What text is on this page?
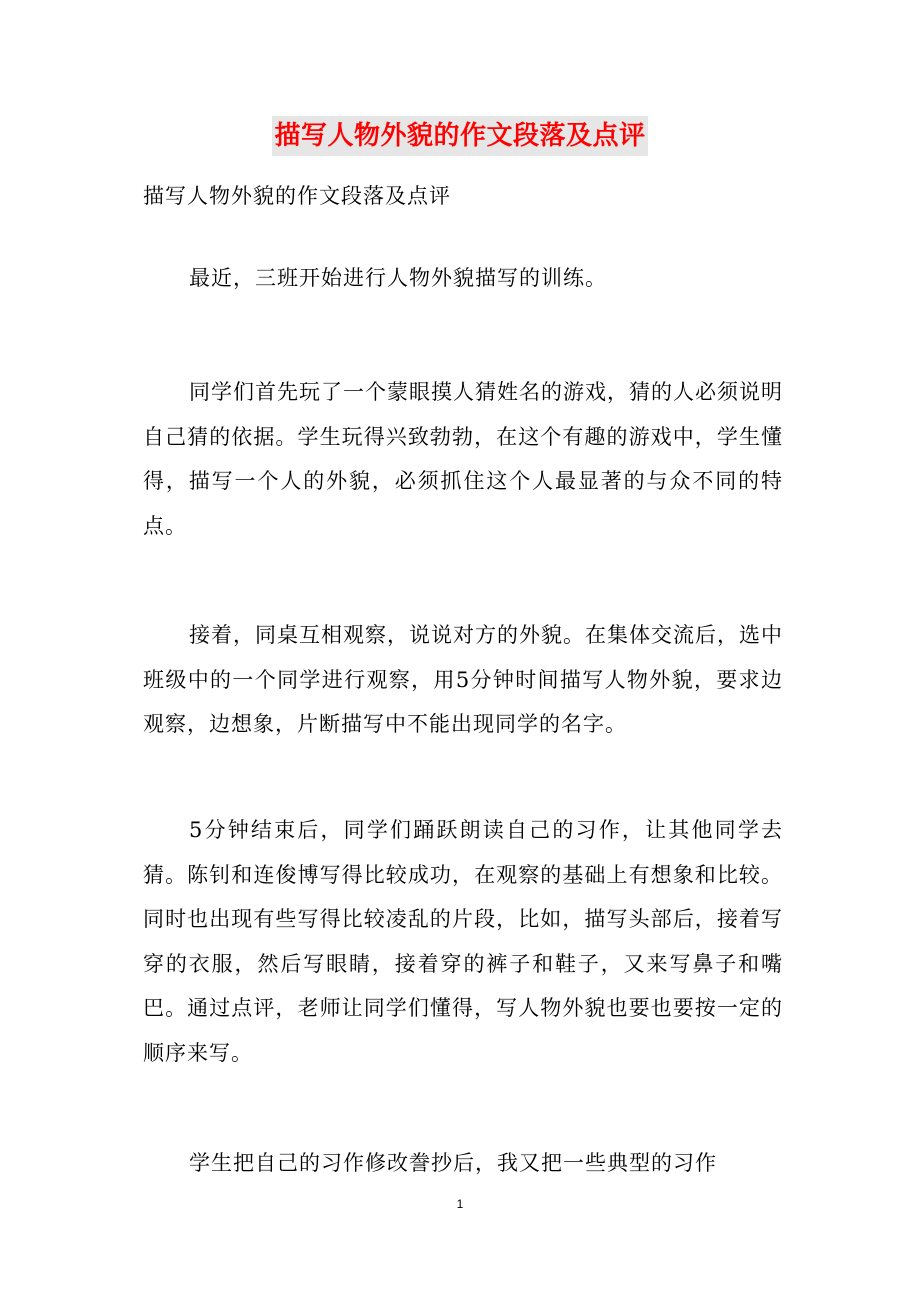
描写人物外貌的作文段落及点评
描写人物外貌的作文段落及点评

最近，三班开始进行人物外貌描写的训练。

同学们首先玩了一个蒙眼摸人猜姓名的游戏，猜的人必须说明自己猜的依据。学生玩得兴致勃勃，在这个有趣的游戏中，学生懂得，描写一个人的外貌，必须抓住这个人最显著的与众不同的特点。

接着，同桌互相观察，说说对方的外貌。在集体交流后，选中班级中的一个同学进行观察，用5分钟时间描写人物外貌，要求边观察，边想象，片断描写中不能出现同学的名字。

5分钟结束后，同学们踊跃朗读自己的习作，让其他同学去猜。陈钊和连俊博写得比较成功，在观察的基础上有想象和比较。同时也出现有些写得比较凌乱的片段，比如，描写头部后，接着写穿的衣服，然后写眼睛，接着穿的裤子和鞋子，又来写鼻子和嘴巴。通过点评，老师让同学们懂得，写人物外貌也要也要按一定的顺序来写。

学生把自己的习作修改誊抄后，我又把一些典型的习作

1
